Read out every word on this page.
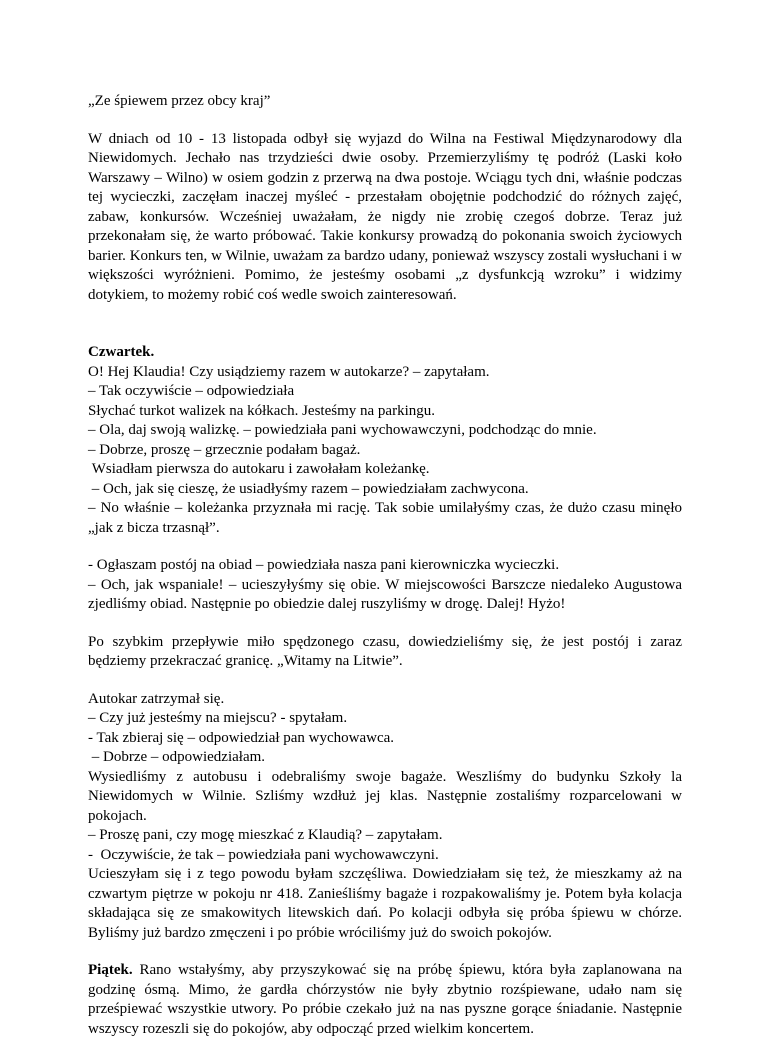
„Ze śpiewem przez obcy kraj”

W dniach od 10 - 13 listopada odbył się wyjazd do Wilna na Festiwal Międzynarodowy dla Niewidomych. Jechało nas trzydzieści dwie osoby. Przemierzyliśmy tę podróż (Laski koło Warszawy – Wilno) w osiem godzin z przerwą na dwa postoje. Wciągu tych dni, właśnie podczas tej wycieczki, zaczęłam inaczej myśleć - przestałam obojętnie podchodzić do różnych zajęć, zabaw, konkursów. Wcześniej uważałam, że nigdy nie zrobię czegoś dobrze. Teraz już przekonałam się, że warto próbować. Takie konkursy prowadzą do pokonania swoich życiowych barier. Konkurs ten, w Wilnie, uważam za bardzo udany, ponieważ wszyscy zostali wysłuchani i w większości wyróżnieni. Pomimo, że jesteśmy osobami „z dysfunkcją wzroku” i widzimy dotykiem, to możemy robić coś wedle swoich zainteresowań.

Czwartek.

O! Hej Klaudia! Czy usiądziemy razem w autokarze? – zapytałam.

– Tak oczywiście – odpowiedziała

Słychać turkot walizek na kółkach. Jesteśmy na parkingu.

– Ola, daj swoją walizkę. – powiedziała pani wychowawczyni, podchodząc do mnie.

– Dobrze, proszę – grzecznie podałam bagaż.

Wsiadłam pierwsza do autokaru i zawołałam koleżankę.

– Och, jak się cieszę, że usiadłyśmy razem – powiedziałam zachwycona.

– No właśnie – koleżanka przyznała mi rację. Tak sobie umilałyśmy czas, że dużo czasu minęło „jak z bicza trzasnął”.

- Ogłaszam postój na obiad – powiedziała nasza pani kierowniczka wycieczki.

– Och, jak wspaniale! – ucieszyłyśmy się obie. W miejscowości Barszcze niedaleko Augustowa zjedliśmy obiad. Następnie po obiedzie dalej ruszyliśmy w drogę. Dalej! Hyżo!

Po szybkim przepływie miło spędzonego czasu, dowiedzieliśmy się, że jest postój i zaraz będziemy przekraczać granicę. „Witamy na Litwie”.

Autokar zatrzymał się.

– Czy już jesteśmy na miejscu? - spytałam.

- Tak zbieraj się – odpowiedział pan wychowawca.

– Dobrze – odpowiedziałam.

Wysiedliśmy z autobusu i odebraliśmy swoje bagaże. Weszliśmy do budynku Szkoły la Niewidomych w Wilnie. Szliśmy wzdłuż jej klas. Następnie zostaliśmy rozparcelowani w pokojach.

– Proszę pani, czy mogę mieszkać z Klaudią? – zapytałam.

-  Oczywiście, że tak – powiedziała pani wychowawczyni.

Ucieszyłam się i z tego powodu byłam szczęśliwa. Dowiedziałam się też, że mieszkamy aż na czwartym piętrze w pokoju nr 418. Zanieśliśmy bagaże i rozpakowaliśmy je. Potem była kolacja składająca się ze smakowitych litewskich dań. Po kolacji odbyła się próba śpiewu w chórze. Byliśmy już bardzo zmęczeni i po próbie wróciliśmy już do swoich pokojów.

Piątek. Rano wstałyśmy, aby przyszykować się na próbę śpiewu, która była zaplanowana na godzinę ósmą. Mimo, że gardła chórzystów nie były zbytnio rozśpiewane, udało nam się prześpiewać wszystkie utwory. Po próbie czekało już na nas pyszne gorące śniadanie. Następnie wszyscy rozeszli się do pokojów, aby odpocząć przed wielkim koncertem.
